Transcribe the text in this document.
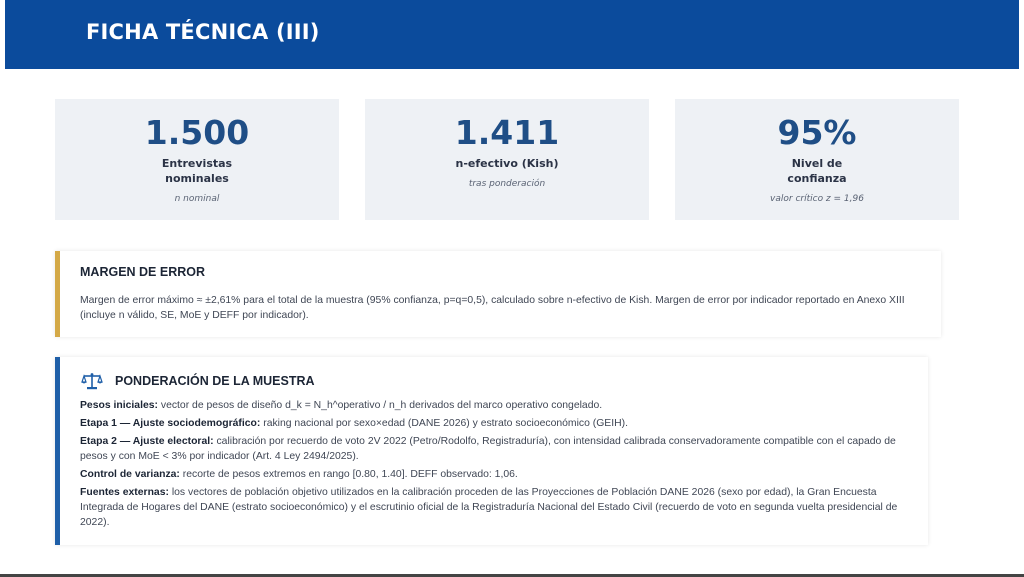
FICHA TÉCNICA (III)
1.500
Entrevistas nominales
n nominal
1.411
n-efectivo (Kish)
tras ponderación
95%
Nivel de confianza
valor crítico z = 1,96
MARGEN DE ERROR
Margen de error máximo ≈ ±2,61% para el total de la muestra (95% confianza, p=q=0,5), calculado sobre n-efectivo de Kish. Margen de error por indicador reportado en Anexo XIII (incluye n válido, SE, MoE y DEFF por indicador).
PONDERACIÓN DE LA MUESTRA

Pesos iniciales: vector de pesos de diseño d_k = N_h^operativo / n_h derivados del marco operativo congelado.

Etapa 1 — Ajuste sociodemográfico: raking nacional por sexo×edad (DANE 2026) y estrato socioeconómico (GEIH).

Etapa 2 — Ajuste electoral: calibración por recuerdo de voto 2V 2022 (Petro/Rodolfo, Registraduría), con intensidad calibrada conservadoramente compatible con el capado de pesos y con MoE < 3% por indicador (Art. 4 Ley 2494/2025).

Control de varianza: recorte de pesos extremos en rango [0.80, 1.40]. DEFF observado: 1,06.

Fuentes externas: los vectores de población objetivo utilizados en la calibración proceden de las Proyecciones de Población DANE 2026 (sexo por edad), la Gran Encuesta Integrada de Hogares del DANE (estrato socioeconómico) y el escrutinio oficial de la Registraduría Nacional del Estado Civil (recuerdo de voto en segunda vuelta presidencial de 2022).
